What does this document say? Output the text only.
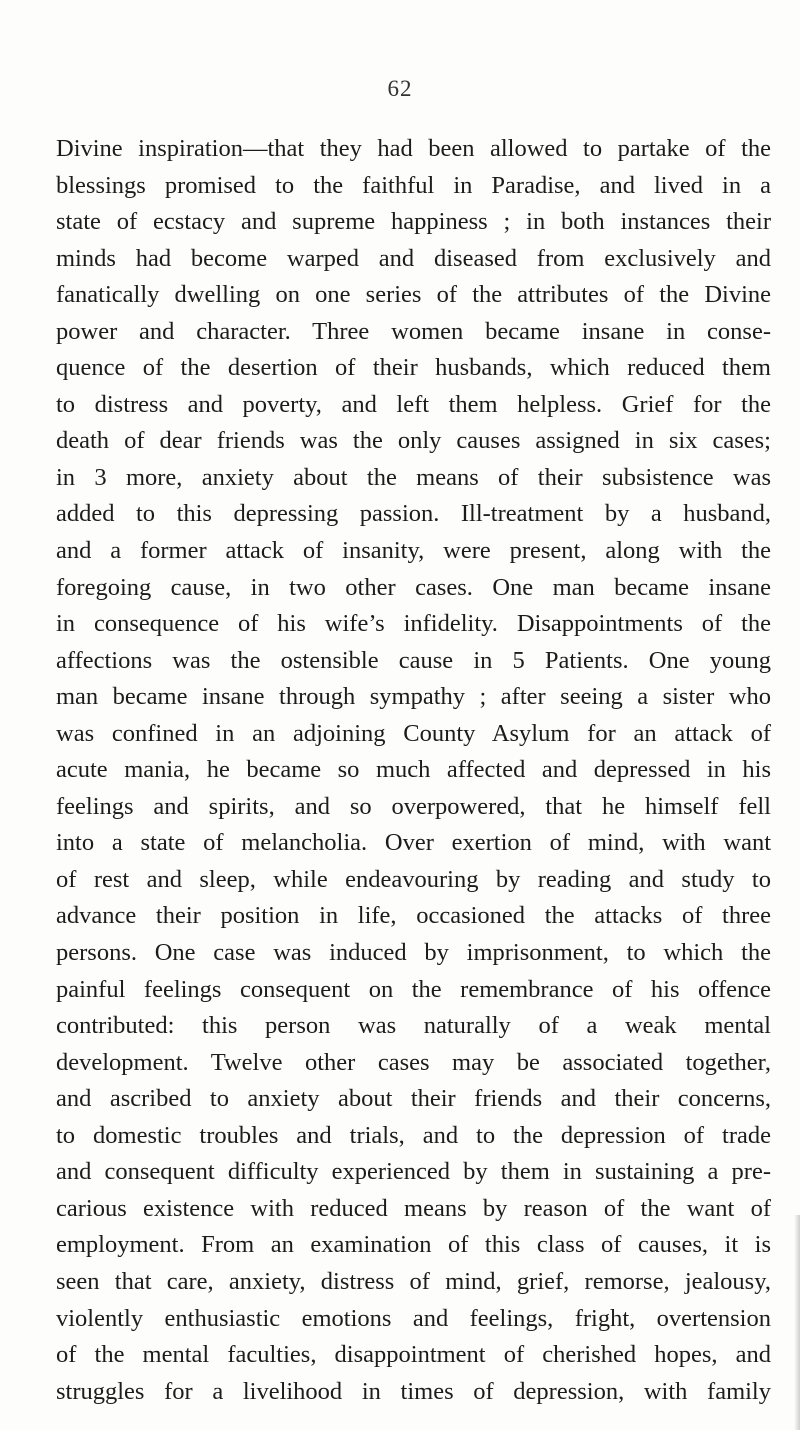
62
Divine inspiration—that they had been allowed to partake of the
blessings promised to the faithful in Paradise, and lived in a
state of ecstacy and supreme happiness ; in both instances their
minds had become warped and diseased from exclusively and
fanatically dwelling on one series of the attributes of the Divine
power and character. Three women became insane in conse-
quence of the desertion of their husbands, which reduced them
to distress and poverty, and left them helpless. Grief for the
death of dear friends was the only causes assigned in six cases;
in 3 more, anxiety about the means of their subsistence was
added to this depressing passion. Ill-treatment by a husband,
and a former attack of insanity, were present, along with the
foregoing cause, in two other cases. One man became insane
in consequence of his wife’s infidelity. Disappointments of the
affections was the ostensible cause in 5 Patients. One young
man became insane through sympathy ; after seeing a sister who
was confined in an adjoining County Asylum for an attack of
acute mania, he became so much affected and depressed in his
feelings and spirits, and so overpowered, that he himself fell
into a state of melancholia. Over exertion of mind, with want
of rest and sleep, while endeavouring by reading and study to
advance their position in life, occasioned the attacks of three
persons. One case was induced by imprisonment, to which the
painful feelings consequent on the remembrance of his offence
contributed: this person was naturally of a weak mental
development. Twelve other cases may be associated together,
and ascribed to anxiety about their friends and their concerns,
to domestic troubles and trials, and to the depression of trade
and consequent difficulty experienced by them in sustaining a pre-
carious existence with reduced means by reason of the want of
employment. From an examination of this class of causes, it is
seen that care, anxiety, distress of mind, grief, remorse, jealousy,
violently enthusiastic emotions and feelings, fright, overtension
of the mental faculties, disappointment of cherished hopes, and
struggles for a livelihood in times of depression, with family
